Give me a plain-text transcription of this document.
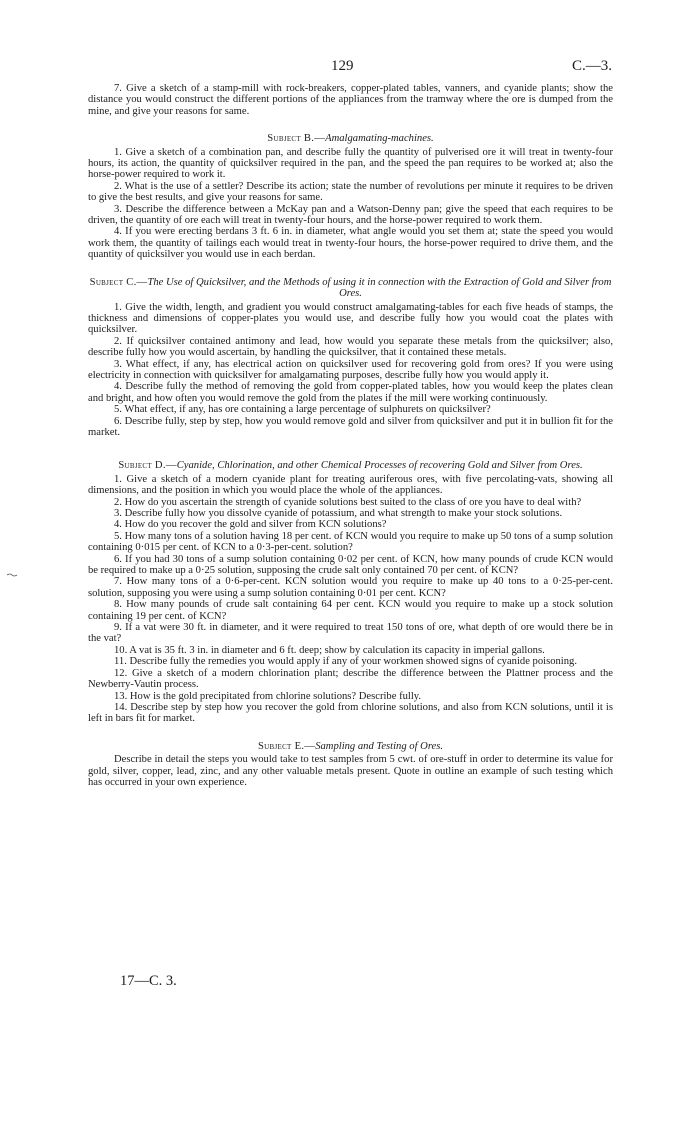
129	C.—3.

7. Give a sketch of a stamp-mill with rock-breakers, copper-plated tables, vanners, and cyanide plants; show the distance you would construct the different portions of the appliances from the tramway where the ore is dumped from the mine, and give your reasons for same.

Subject B.—Amalgamating-machines.

1. Give a sketch of a combination pan, and describe fully the quantity of pulverised ore it will treat in twenty-four hours, its action, the quantity of quicksilver required in the pan, and the speed the pan requires to be worked at; also the horse-power required to work it.

2. What is the use of a settler? Describe its action; state the number of revolutions per minute it requires to be driven to give the best results, and give your reasons for same.

3. Describe the difference between a McKay pan and a Watson-Denny pan; give the speed that each requires to be driven, the quantity of ore each will treat in twenty-four hours, and the horse-power required to work them.

4. If you were erecting berdans 3 ft. 6 in. in diameter, what angle would you set them at; state the speed you would work them, the quantity of tailings each would treat in twenty-four hours, the horse-power required to drive them, and the quantity of quicksilver you would use in each berdan.

Subject C.—The Use of Quicksilver, and the Methods of using it in connection with the Extraction of Gold and Silver from Ores.

1. Give the width, length, and gradient you would construct amalgamating-tables for each five heads of stamps, the thickness and dimensions of copper-plates you would use, and describe fully how you would coat the plates with quicksilver.

2. If quicksilver contained antimony and lead, how would you separate these metals from the quicksilver; also, describe fully how you would ascertain, by handling the quicksilver, that it contained these metals.

3. What effect, if any, has electrical action on quicksilver used for recovering gold from ores? If you were using electricity in connection with quicksilver for amalgamating purposes, describe fully how you would apply it.

4. Describe fully the method of removing the gold from copper-plated tables, how you would keep the plates clean and bright, and how often you would remove the gold from the plates if the mill were working continuously.

5. What effect, if any, has ore containing a large percentage of sulphurets on quicksilver?

6. Describe fully, step by step, how you would remove gold and silver from quicksilver and put it in bullion fit for the market.

Subject D.—Cyanide, Chlorination, and other Chemical Processes of recovering Gold and Silver from Ores.

1. Give a sketch of a modern cyanide plant for treating auriferous ores, with five percolating-vats, showing all dimensions, and the position in which you would place the whole of the appliances.

2. How do you ascertain the strength of cyanide solutions best suited to the class of ore you have to deal with?

3. Describe fully how you dissolve cyanide of potassium, and what strength to make your stock solutions.

4. How do you recover the gold and silver from KCN solutions?

5. How many tons of a solution having 18 per cent. of KCN would you require to make up 50 tons of a sump solution containing 0·015 per cent. of KCN to a 0·3-per-cent. solution?

6. If you had 30 tons of a sump solution containing 0·02 per cent. of KCN, how many pounds of crude KCN would be required to make up a 0·25 solution, supposing the crude salt only contained 70 per cent. of KCN?

7. How many tons of a 0·6-per-cent. KCN solution would you require to make up 40 tons to a 0·25-per-cent. solution, supposing you were using a sump solution containing 0·01 per cent. KCN?

8. How many pounds of crude salt containing 64 per cent. KCN would you require to make up a stock solution containing 19 per cent. of KCN?

9. If a vat were 30 ft. in diameter, and it were required to treat 150 tons of ore, what depth of ore would there be in the vat?

10. A vat is 35 ft. 3 in. in diameter and 6 ft. deep; show by calculation its capacity in imperial gallons.

11. Describe fully the remedies you would apply if any of your workmen showed signs of cyanide poisoning.

12. Give a sketch of a modern chlorination plant; describe the difference between the Plattner process and the Newberry-Vautin process.

13. How is the gold precipitated from chlorine solutions? Describe fully.

14. Describe step by step how you recover the gold from chlorine solutions, and also from KCN solutions, until it is left in bars fit for market.

Subject E.—Sampling and Testing of Ores.

Describe in detail the steps you would take to test samples from 5 cwt. of ore-stuff in order to determine its value for gold, silver, copper, lead, zinc, and any other valuable metals present. Quote in outline an example of such testing which has occurred in your own experience.

17—C. 3.
